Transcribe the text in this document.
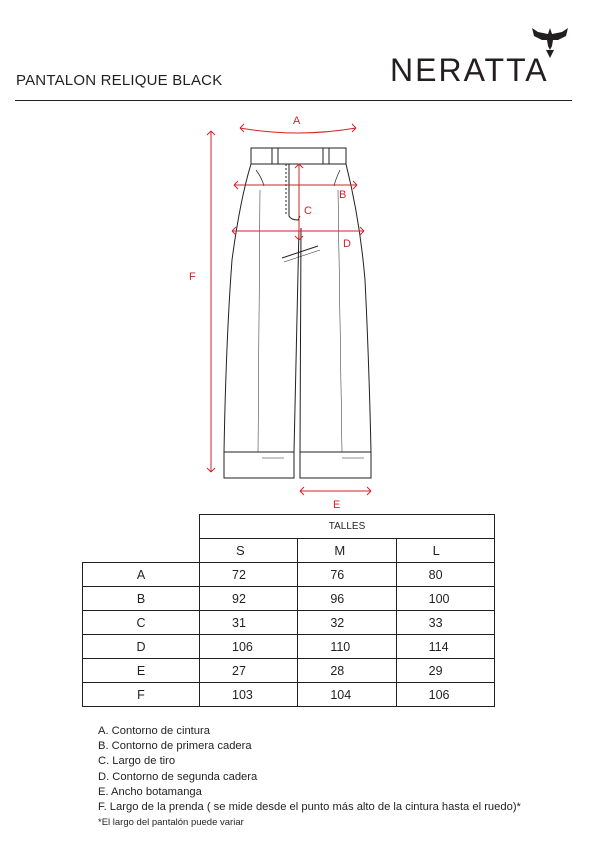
PANTALON RELIQUE BLACK	NERATTA
A
B
C
D
E
F
	TALLES		
	S	M	L
A	72	76	80
B	92	96	100
C	31	32	33
D	106	110	114
E	27	28	29
F	103	104	106
A. Contorno de cintura
B. Contorno de primera cadera
C. Largo de tiro
D. Contorno de segunda cadera
E. Ancho botamanga
F. Largo de la prenda ( se mide desde el punto más alto de la cintura hasta el ruedo)*
*El largo del pantalón puede variar
